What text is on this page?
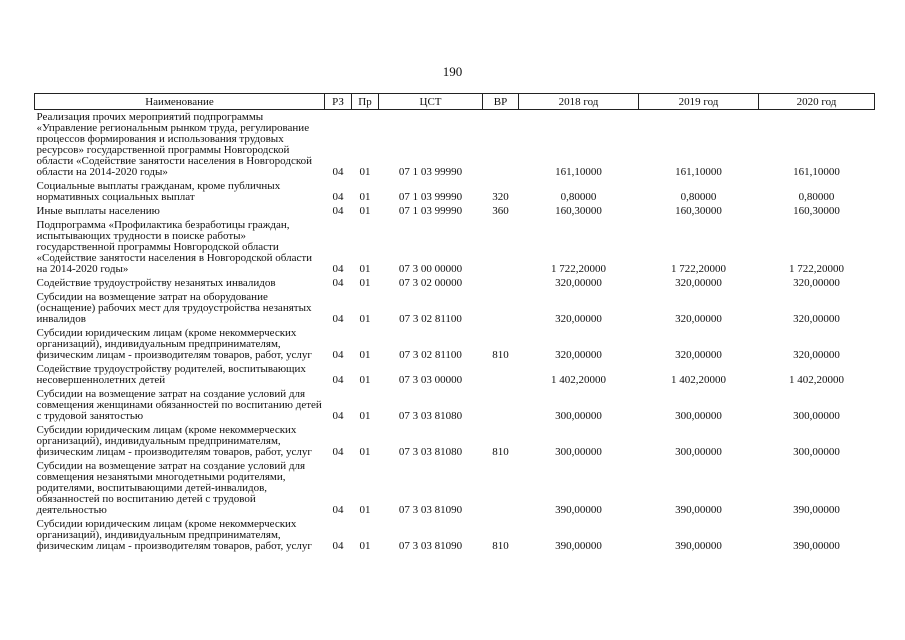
190
Наименование	РЗ	Пр	ЦСТ	ВР	2018 год	2019 год	2020 год
Реализация прочих мероприятий подпрограммы «Управление региональным рынком труда, регулирование процессов формирования и использования трудовых ресурсов» государственной программы Новгородской области «Содействие занятости населения в Новгородской области на 2014-2020 годы»	04	01	07 1 03 99990		161,10000	161,10000	161,10000
Социальные выплаты гражданам, кроме публичных нормативных социальных выплат	04	01	07 1 03 99990	320	0,80000	0,80000	0,80000
Иные выплаты населению	04	01	07 1 03 99990	360	160,30000	160,30000	160,30000
Подпрограмма «Профилактика безработицы граждан, испытывающих трудности в поиске работы» государственной программы Новгородской области «Содействие занятости населения в Новгородской области на 2014-2020 годы»	04	01	07 3 00 00000		1 722,20000	1 722,20000	1 722,20000
Содействие трудоустройству незанятых инвалидов	04	01	07 3 02 00000		320,00000	320,00000	320,00000
Субсидии на возмещение затрат на оборудование (оснащение) рабочих мест для трудоустройства незанятых инвалидов	04	01	07 3 02 81100		320,00000	320,00000	320,00000
Субсидии юридическим лицам (кроме некоммерческих организаций), индивидуальным предпринимателям, физическим лицам - производителям товаров, работ, услуг	04	01	07 3 02 81100	810	320,00000	320,00000	320,00000
Содействие трудоустройству родителей, воспитывающих несовершеннолетних детей	04	01	07 3 03 00000		1 402,20000	1 402,20000	1 402,20000
Субсидии на возмещение затрат на создание условий для совмещения женщинами обязанностей по воспитанию детей с трудовой занятостью	04	01	07 3 03 81080		300,00000	300,00000	300,00000
Субсидии юридическим лицам (кроме некоммерческих организаций), индивидуальным предпринимателям, физическим лицам - производителям товаров, работ, услуг	04	01	07 3 03 81080	810	300,00000	300,00000	300,00000
Субсидии на возмещение затрат на создание условий для совмещения незанятыми многодетными родителями, родителями, воспитывающими детей-инвалидов, обязанностей по воспитанию детей с трудовой деятельностью	04	01	07 3 03 81090		390,00000	390,00000	390,00000
Субсидии юридическим лицам (кроме некоммерческих организаций), индивидуальным предпринимателям, физическим лицам - производителям товаров, работ, услуг	04	01	07 3 03 81090	810	390,00000	390,00000	390,00000
